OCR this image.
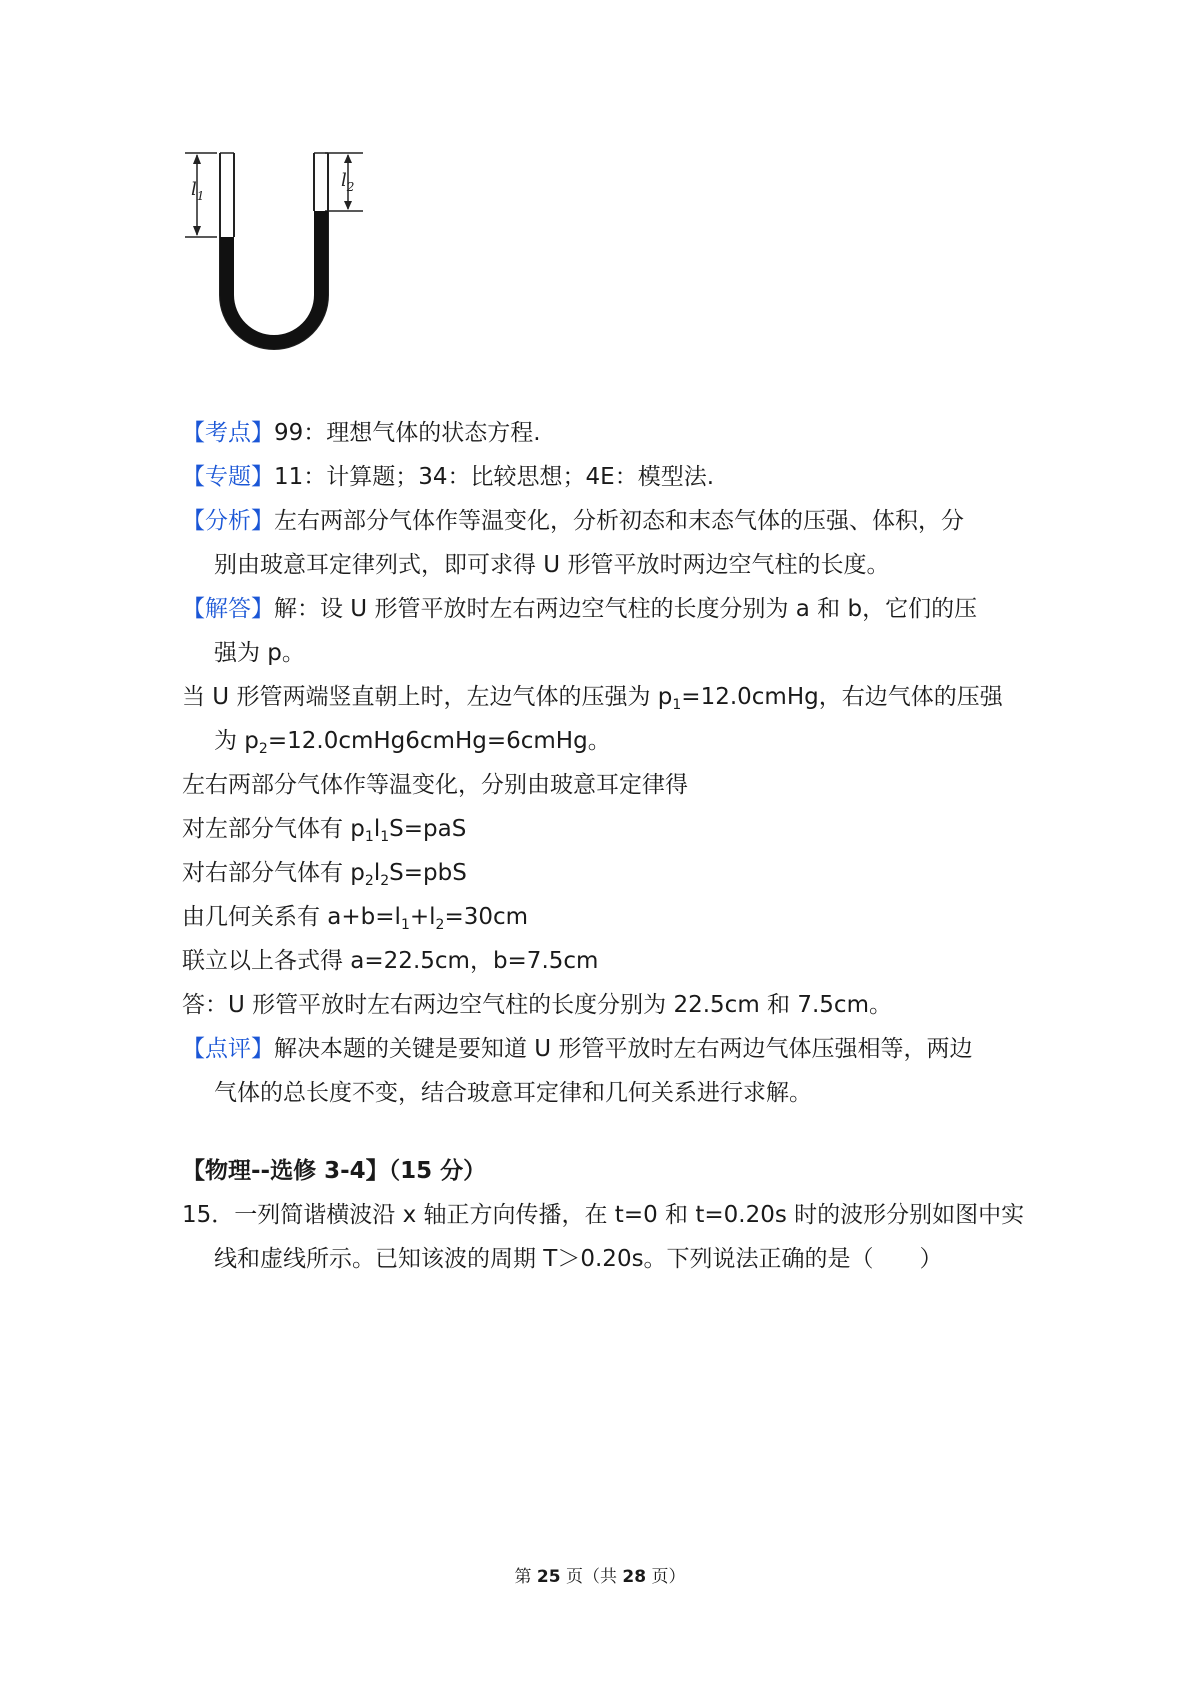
$l_1$
$l_2$
【考点】99：理想气体的状态方程.
【专题】11：计算题；34：比较思想；4E：模型法.
【分析】左右两部分气体作等温变化，分析初态和末态气体的压强、体积，分
别由玻意耳定律列式，即可求得 U 形管平放时两边空气柱的长度。
【解答】解：设 U 形管平放时左右两边空气柱的长度分别为 a 和 b，它们的压
强为 p。
当 U 形管两端竖直朝上时，左边气体的压强为 $p_1=12.0cmHg$，右边气体的压强
为 $p_2=12.0cmHg﻿6cmHg=6cmHg$。
左右两部分气体作等温变化，分别由玻意耳定律得
对左部分气体有 $p_1l_1S=paS$
对右部分气体有 $p_2l_2S=pbS$
由几何关系有 $a+b=l_1+l_2=30cm$
联立以上各式得 a=22.5cm，b=7.5cm
答：U 形管平放时左右两边空气柱的长度分别为 22.5cm 和 7.5cm。
【点评】解决本题的关键是要知道 U 形管平放时左右两边气体压强相等，两边
气体的总长度不变，结合玻意耳定律和几何关系进行求解。
【物理--选修 3-4】（15 分）
15．一列简谐横波沿 x 轴正方向传播，在 t=0 和 t=0.20s 时的波形分别如图中实
线和虚线所示。已知该波的周期 T＞0.20s。下列说法正确的是（　　）
第 25 页（共 28 页）
